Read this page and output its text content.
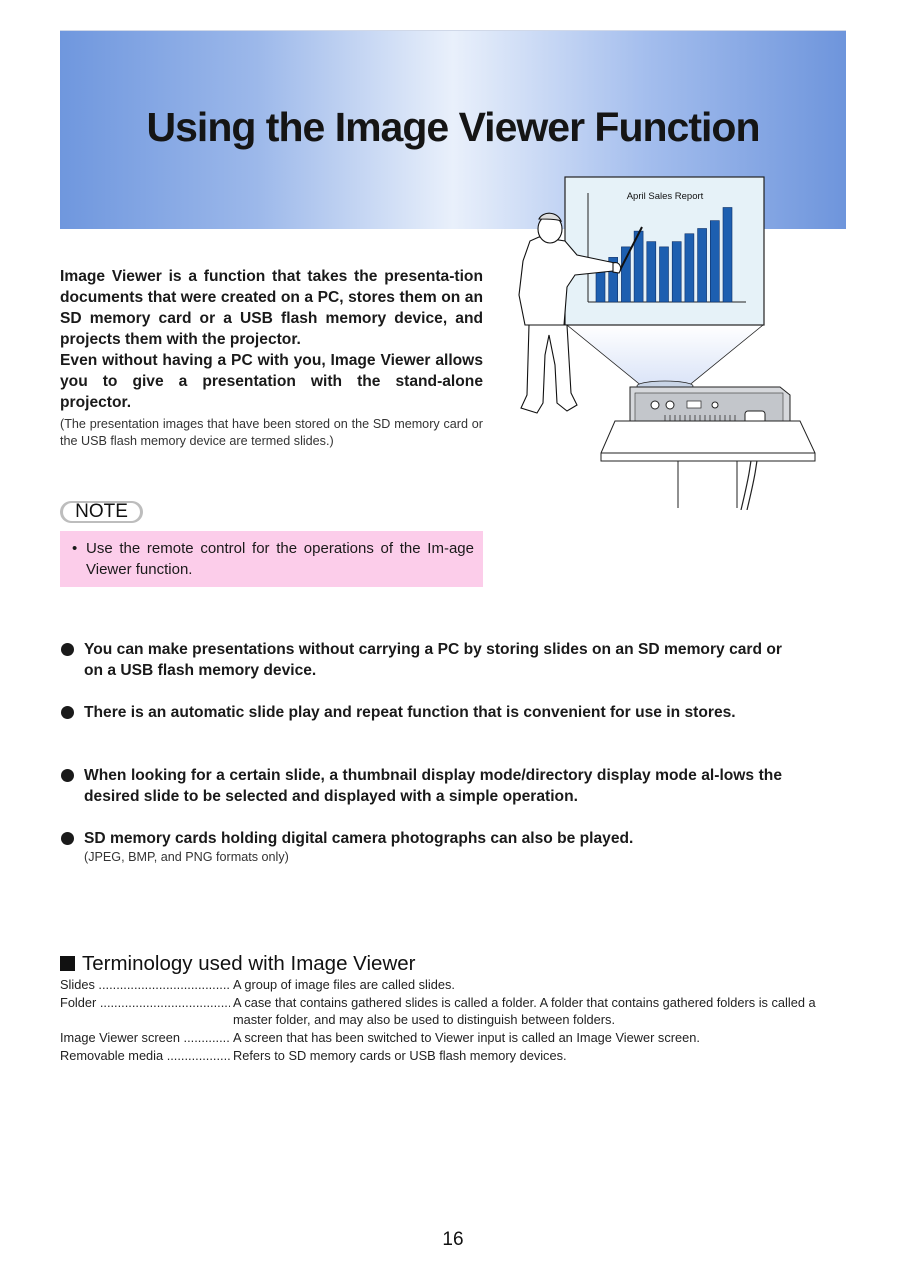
Using the Image Viewer Function
April Sales Report

Image Viewer is a function that takes the presenta-tion documents that were created on a PC, stores them on an SD memory card or a USB flash memory device, and projects them with the projector.

Even without having a PC with you, Image Viewer allows you to give a presentation with the stand-alone projector.

(The presentation images that have been stored on the SD memory card or the USB flash memory device are termed slides.)
NOTE
• Use the remote control for the operations of the Im-age Viewer function.
You can make presentations without carrying a PC by storing slides on an SD memory card or on a USB flash memory device.
There is an automatic slide play and repeat function that is convenient for use in stores.
When looking for a certain slide, a thumbnail display mode/directory display mode al-lows the desired slide to be selected and displayed with a simple operation.
SD memory cards holding digital camera photographs can also be played.
(JPEG, BMP, and PNG formats only)
Terminology used with Image Viewer
Slides .....	A group of image files are called slides.
Folder .....	A case that contains gathered slides is called a folder. A folder that contains gathered folders is called a master folder, and may also be used to distinguish between folders.
Image Viewer screen .....	A screen that has been switched to Viewer input is called an Image Viewer screen.
Removable media .....	Refers to SD memory cards or USB flash memory devices.
16
